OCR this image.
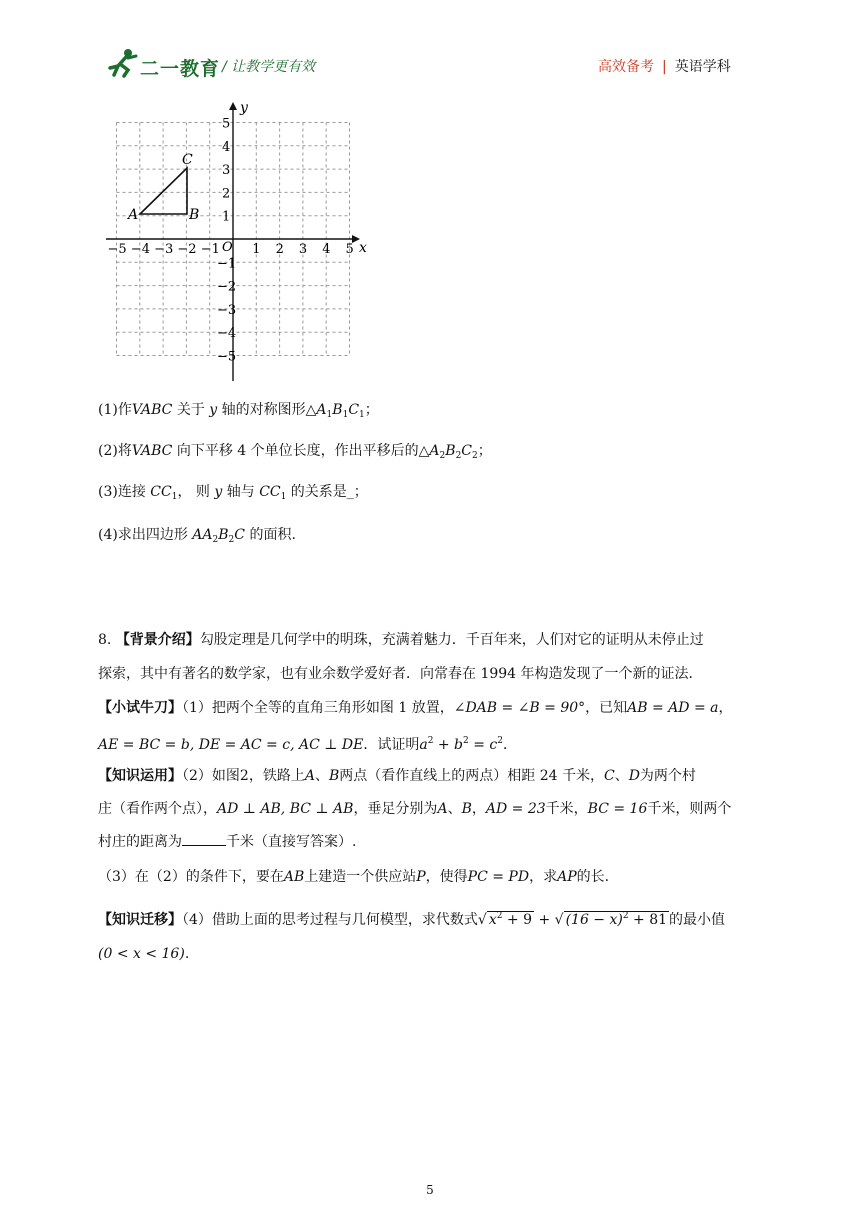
二一教育 / 让教学更有效	高效备考 | 英语学科
1
1
2
2
3
3
4
4
5
5
−1
−1
−2
−2
−3
−3
−4
−4
−5
−5
x
y
O
A	B
C
(1)作VABC 关于 y 轴的对称图形$\triangle A_1B_1C_1$；
(2)将VABC 向下平移 4 个单位长度，作出平移后的$\triangle A_2B_2C_2$；
(3)连接 $CC_1$， 则 y 轴与 $CC_1$ 的关系是_；
(4)求出四边形 $AA_2B_2C$ 的面积.
8. 【背景介绍】勾股定理是几何学中的明珠，充满着魅力．千百年来，人们对它的证明从未停止过
探索，其中有著名的数学家，也有业余数学爱好者．向常春在 1994 年构造发现了一个新的证法．
【小试牛刀】（1）把两个全等的直角三角形如图 1 放置，∠DAB = ∠B = 90°，已知AB = AD = a，
AE = BC = b, DE = AC = c, AC ⊥ DE．试证明$a^2 + b^2 = c^2$．
【知识运用】（2）如图2，铁路上A、B两点（看作直线上的两点）相距 24 千米，C、D为两个村
庄（看作两个点），AD ⊥ AB, BC ⊥ AB，垂足分别为A、B，AD = 23千米，BC = 16千米，则两个
村庄的距离为	千米（直接写答案）.
（3）在（2）的条件下，要在AB上建造一个供应站P，使得PC = PD，求AP的长.
【知识迁移】（4）借助上面的思考过程与几何模型，求代数式√ $x^2 + 9$ + √ $(16 - x)^2 + 81$ 的最小值
(0 < x < 16).
5
